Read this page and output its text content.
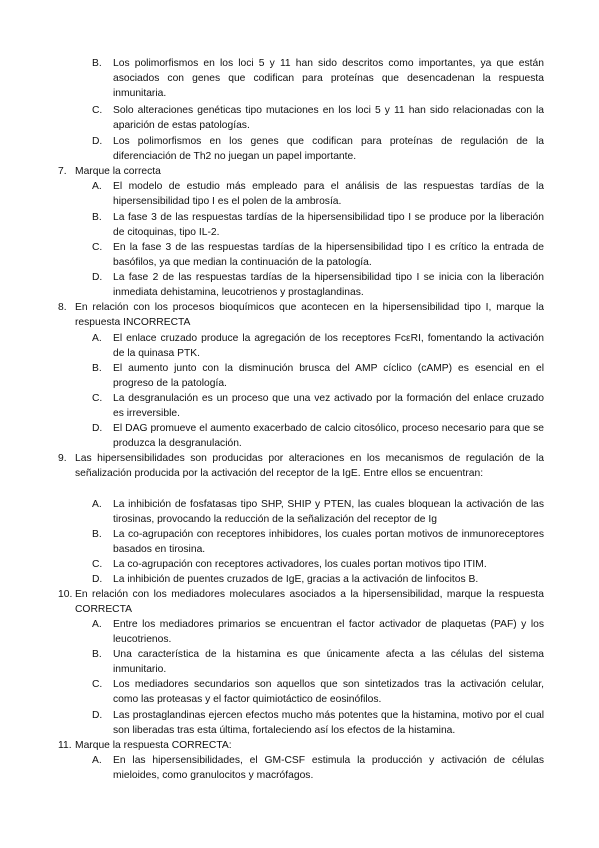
B. Los polimorfismos en los loci 5 y 11 han sido descritos como importantes, ya que están asociados con genes que codifican para proteínas que desencadenan la respuesta inmunitaria.
C. Solo alteraciones genéticas tipo mutaciones en los loci 5 y 11 han sido relacionadas con la aparición de estas patologías.
D. Los polimorfismos en los genes que codifican para proteínas de regulación de la diferenciación de Th2 no juegan un papel importante.
7. Marque la correcta
A. El modelo de estudio más empleado para el análisis de las respuestas tardías de la hipersensibilidad tipo I es el polen de la ambrosía.
B. La fase 3 de las respuestas tardías de la hipersensibilidad tipo I se produce por la liberación de citoquinas, tipo IL-2.
C. En la fase 3 de las respuestas tardías de la hipersensibilidad tipo I es crítico la entrada de basófilos, ya que median la continuación de la patología.
D. La fase 2 de las respuestas tardías de la hipersensibilidad tipo I se inicia con la liberación inmediata dehistamina, leucotrienos y prostaglandinas.
8. En relación con los procesos bioquímicos que acontecen en la hipersensibilidad tipo I, marque la respuesta INCORRECTA
A. El enlace cruzado produce la agregación de los receptores FcεRI, fomentando la activación de la quinasa PTK.
B. El aumento junto con la disminución brusca del AMP cíclico (cAMP) es esencial en el progreso de la patología.
C. La desgranulación es un proceso que una vez activado por la formación del enlace cruzado es irreversible.
D. El DAG promueve el aumento exacerbado de calcio citosólico, proceso necesario para que se produzca la desgranulación.
9. Las hipersensibilidades son producidas por alteraciones en los mecanismos de regulación de la señalización producida por la activación del receptor de la IgE. Entre ellos se encuentran:
A. La inhibición de fosfatasas tipo SHP, SHIP y PTEN, las cuales bloquean la activación de las tirosinas, provocando la reducción de la señalización del receptor de Ig
B. La co-agrupación con receptores inhibidores, los cuales portan motivos de inmunoreceptores basados en tirosina.
C. La co-agrupación con receptores activadores, los cuales portan motivos tipo ITIM.
D. La inhibición de puentes cruzados de IgE, gracias a la activación de linfocitos B.
10. En relación con los mediadores moleculares asociados a la hipersensibilidad, marque la respuesta CORRECTA
A. Entre los mediadores primarios se encuentran el factor activador de plaquetas (PAF) y los leucotrienos.
B. Una característica de la histamina es que únicamente afecta a las células del sistema inmunitario.
C. Los mediadores secundarios son aquellos que son sintetizados tras la activación celular, como las proteasas y el factor quimiotáctico de eosinófilos.
D. Las prostaglandinas ejercen efectos mucho más potentes que la histamina, motivo por el cual son liberadas tras esta última, fortaleciendo así los efectos de la histamina.
11. Marque la respuesta CORRECTA:
A. En las hipersensibilidades, el GM-CSF estimula la producción y activación de células mieloides, como granulocitos y macrófagos.
